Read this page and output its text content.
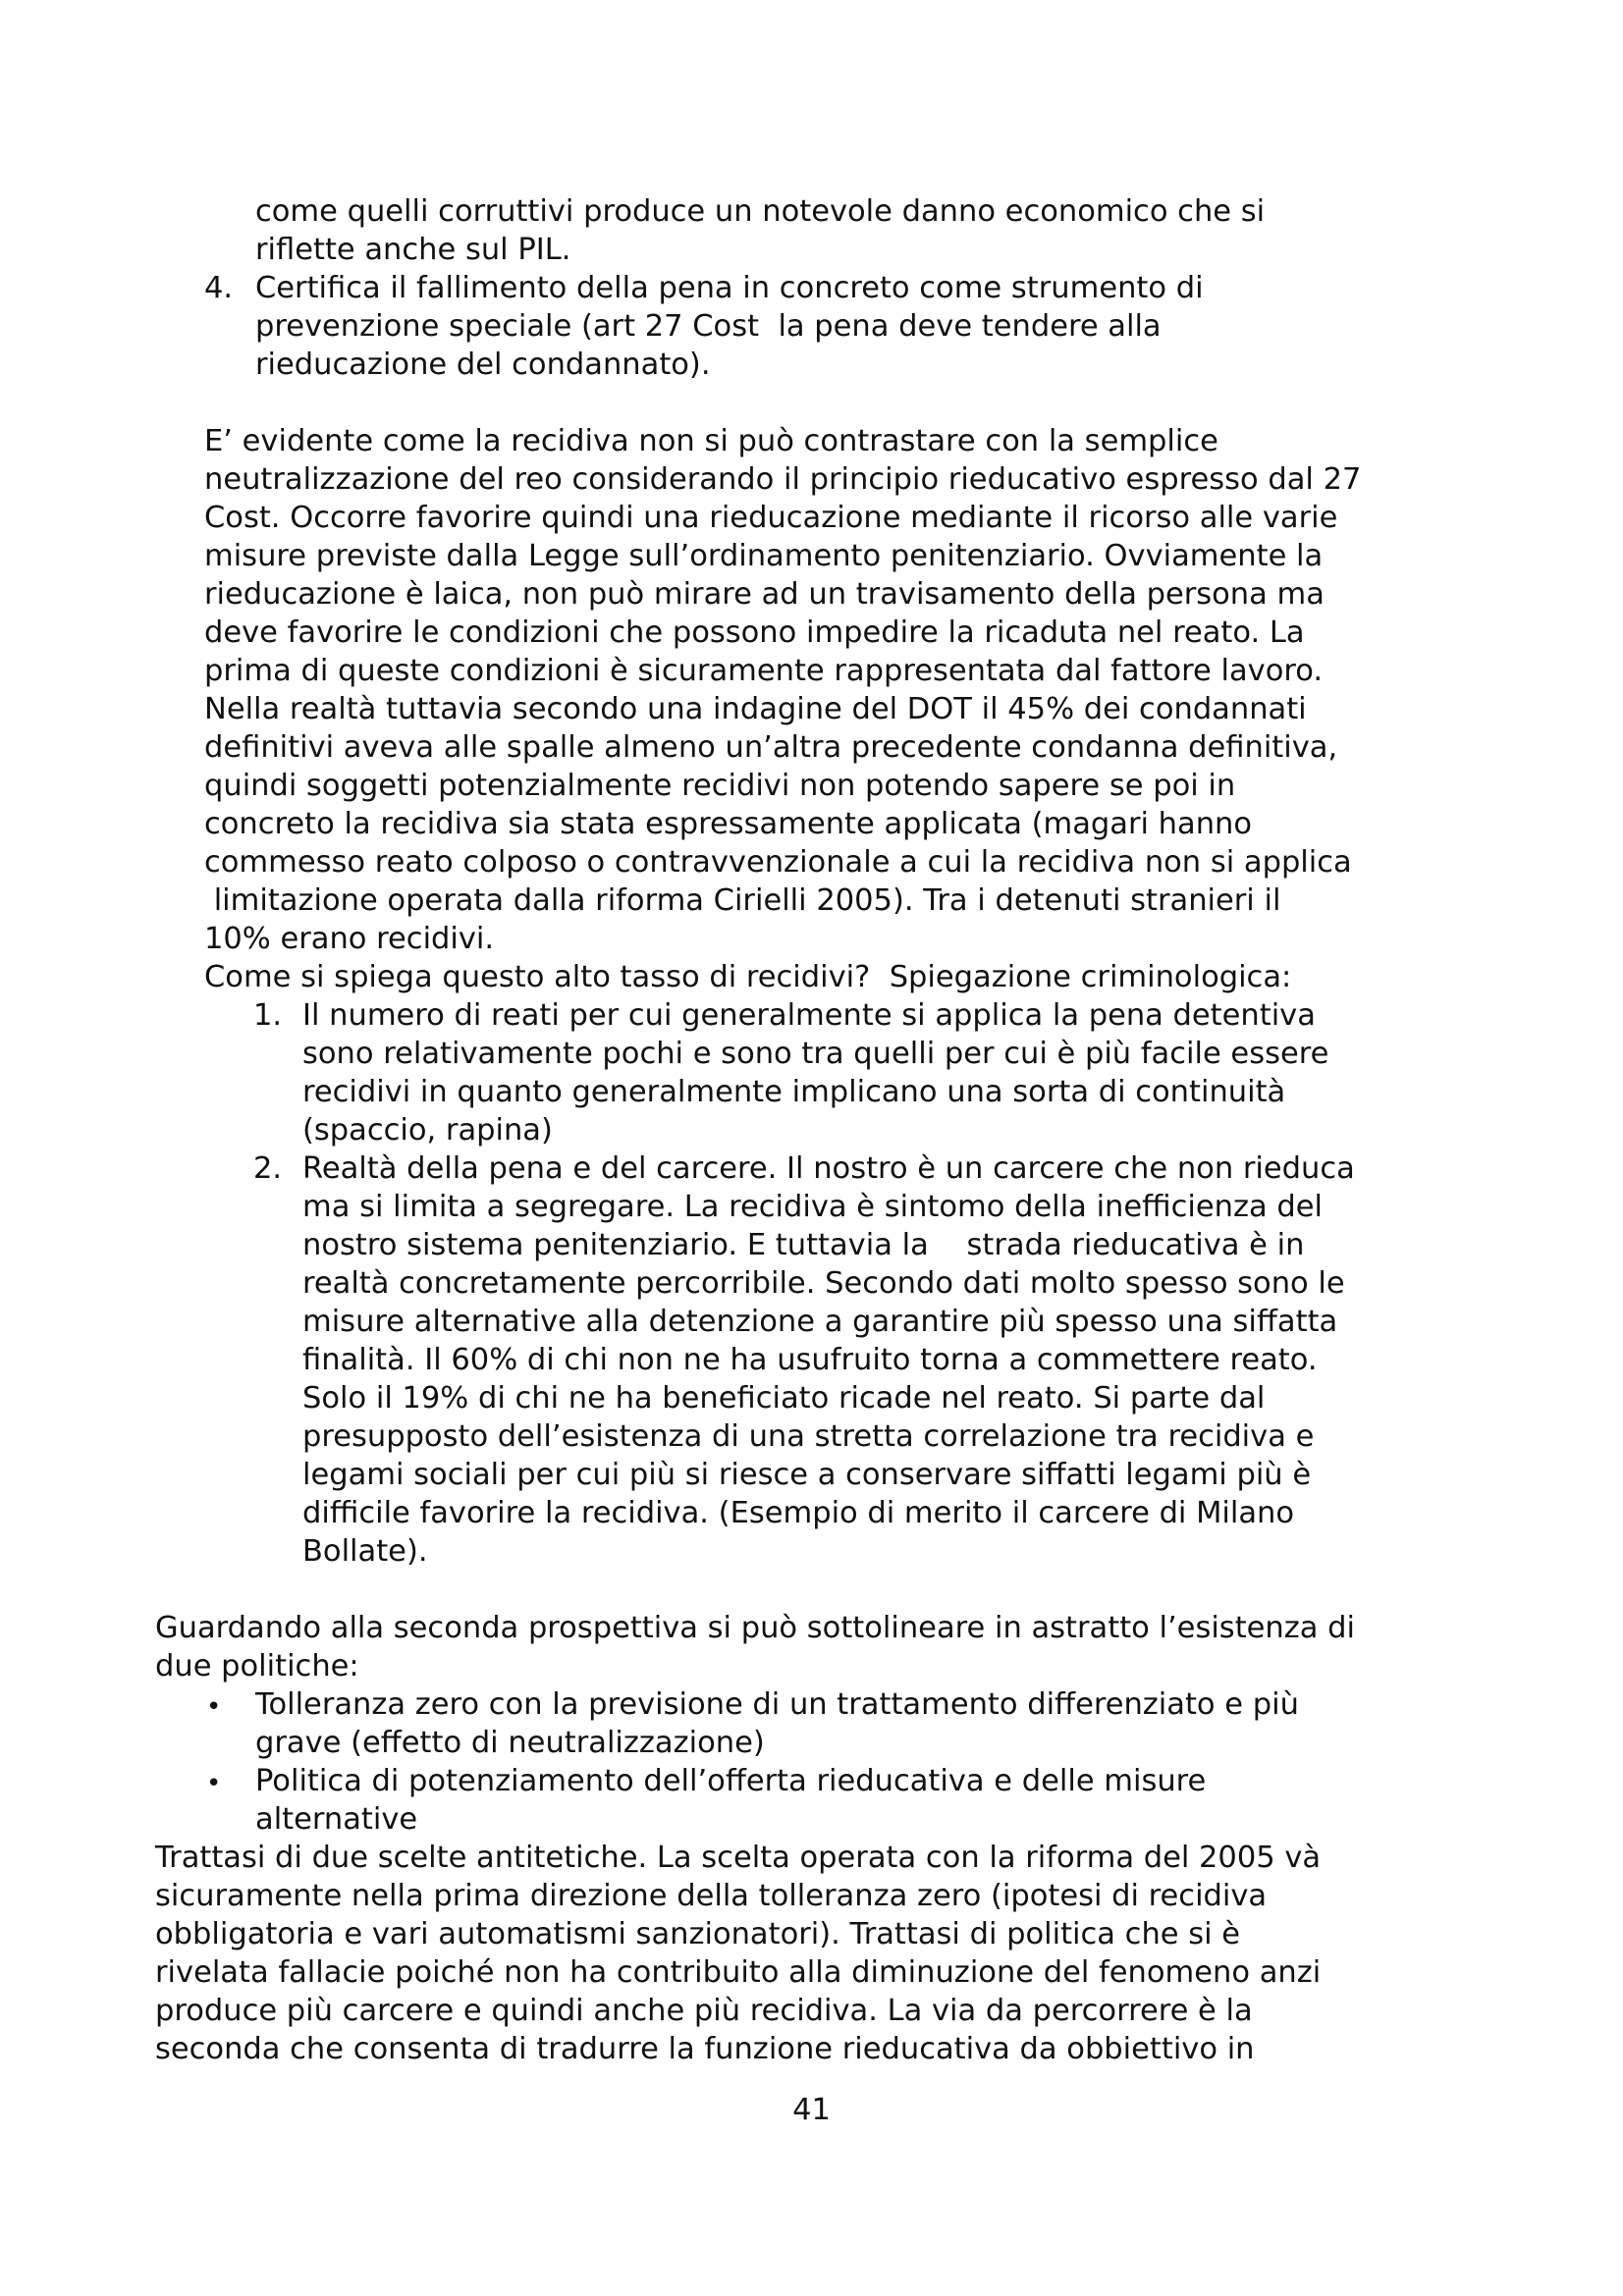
come quelli corruttivi produce un notevole danno economico che si
riflette anche sul PIL.
4. Certifica il fallimento della pena in concreto come strumento di
prevenzione speciale (art 27 Cost  la pena deve tendere alla
rieducazione del condannato).
E’ evidente come la recidiva non si può contrastare con la semplice
neutralizzazione del reo considerando il principio rieducativo espresso dal 27
Cost. Occorre favorire quindi una rieducazione mediante il ricorso alle varie
misure previste dalla Legge sull’ordinamento penitenziario. Ovviamente la
rieducazione è laica, non può mirare ad un travisamento della persona ma
deve favorire le condizioni che possono impedire la ricaduta nel reato. La
prima di queste condizioni è sicuramente rappresentata dal fattore lavoro.
Nella realtà tuttavia secondo una indagine del DOT il 45% dei condannati
definitivi aveva alle spalle almeno un’altra precedente condanna definitiva,
quindi soggetti potenzialmente recidivi non potendo sapere se poi in
concreto la recidiva sia stata espressamente applicata (magari hanno
commesso reato colposo o contravvenzionale a cui la recidiva non si applica
limitazione operata dalla riforma Cirielli 2005). Tra i detenuti stranieri il
10% erano recidivi.
Come si spiega questo alto tasso di recidivi?  Spiegazione criminologica:
1. Il numero di reati per cui generalmente si applica la pena detentiva
sono relativamente pochi e sono tra quelli per cui è più facile essere
recidivi in quanto generalmente implicano una sorta di continuità
(spaccio, rapina)
2. Realtà della pena e del carcere. Il nostro è un carcere che non rieduca
ma si limita a segregare. La recidiva è sintomo della inefficienza del
nostro sistema penitenziario. E tuttavia la    strada rieducativa è in
realtà concretamente percorribile. Secondo dati molto spesso sono le
misure alternative alla detenzione a garantire più spesso una siffatta
finalità. Il 60% di chi non ne ha usufruito torna a commettere reato.
Solo il 19% di chi ne ha beneficiato ricade nel reato. Si parte dal
presupposto dell’esistenza di una stretta correlazione tra recidiva e
legami sociali per cui più si riesce a conservare siffatti legami più è
difficile favorire la recidiva. (Esempio di merito il carcere di Milano
Bollate).
Guardando alla seconda prospettiva si può sottolineare in astratto l’esistenza di
due politiche:
• Tolleranza zero con la previsione di un trattamento differenziato e più
grave (effetto di neutralizzazione)
• Politica di potenziamento dell’offerta rieducativa e delle misure
alternative
Trattasi di due scelte antitetiche. La scelta operata con la riforma del 2005 và
sicuramente nella prima direzione della tolleranza zero (ipotesi di recidiva
obbligatoria e vari automatismi sanzionatori). Trattasi di politica che si è
rivelata fallacie poiché non ha contribuito alla diminuzione del fenomeno anzi
produce più carcere e quindi anche più recidiva. La via da percorrere è la
seconda che consenta di tradurre la funzione rieducativa da obbiettivo in
41
